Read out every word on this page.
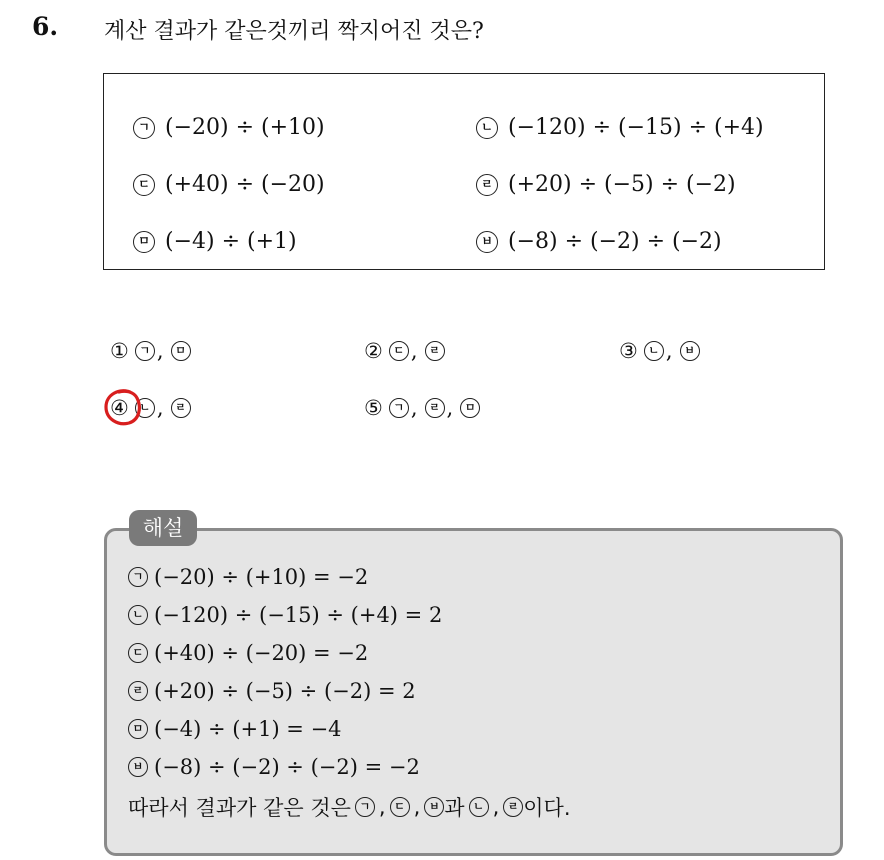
6. 계산 결과가 같은것끼리 짝지어진 것은?
ㄱ (−20) ÷ (+10)	ㄴ (−120) ÷ (−15) ÷ (+4)
ㄷ (+40) ÷ (−20)	ㄹ (+20) ÷ (−5) ÷ (−2)
ㅁ (−4) ÷ (+1)	ㅂ (−8) ÷ (−2) ÷ (−2)
① ㄱ ,	ㅁ	② ㄷ ,	ㄹ	③ ㄴ ,	ㅂ
④ ㄴ ,	ㄹ	⑤ ㄱ ,	ㄹ ,	ㅁ
해설
ㄱ (−20) ÷ (+10) = −2
ㄴ (−120) ÷ (−15) ÷ (+4) = 2
ㄷ (+40) ÷ (−20) = −2
ㄹ (+20) ÷ (−5) ÷ (−2) = 2
ㅁ (−4) ÷ (+1) = −4
ㅂ (−8) ÷ (−2) ÷ (−2) = −2
따라서 결과가 같은 것은 ㄱ , ㄷ , ㅂ 과 ㄴ , ㄹ 이다.
